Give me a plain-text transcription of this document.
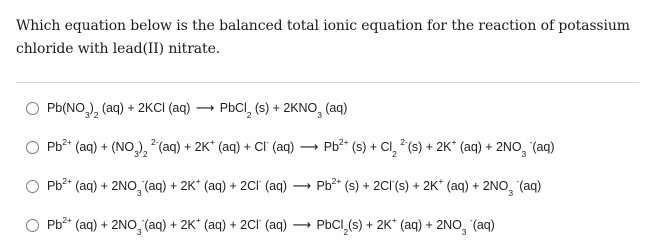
Which equation below is the balanced total ionic equation for the reaction of potassium chloride with lead(II) nitrate.
$Pb(NO_3)_2$ (aq) + 2KCl (aq) ⟶ PbCl$_2$ $(s) + 2KNO_3$ (aq)
$Pb^{2+}$ $(aq) + (NO_3)_2$ $^{2-}$(aq) + 2K+ (aq) + Cl- (aq) ⟶ $Pb^{2+}$ $(s) + Cl_2$ $^{2-}$(s) + 2K+ $(aq) + 2NO_3$ -(aq)
$Pb^{2+}$ $(aq) + 2NO_3^-(aq) + 2K^+$ (aq) + 2Cl- (aq) ⟶ $Pb^{2+}$ (s) + 2Cl-(s) + 2K+ $(aq) + 2NO_3$ -(aq)
$Pb^{2+}$ $(aq) + 2NO_3^-(aq) + 2K^+$ (aq) + 2Cl- (aq) ⟶ PbCl$_2$(s) + 2K+ $(aq) + 2NO_3$ -(aq)
